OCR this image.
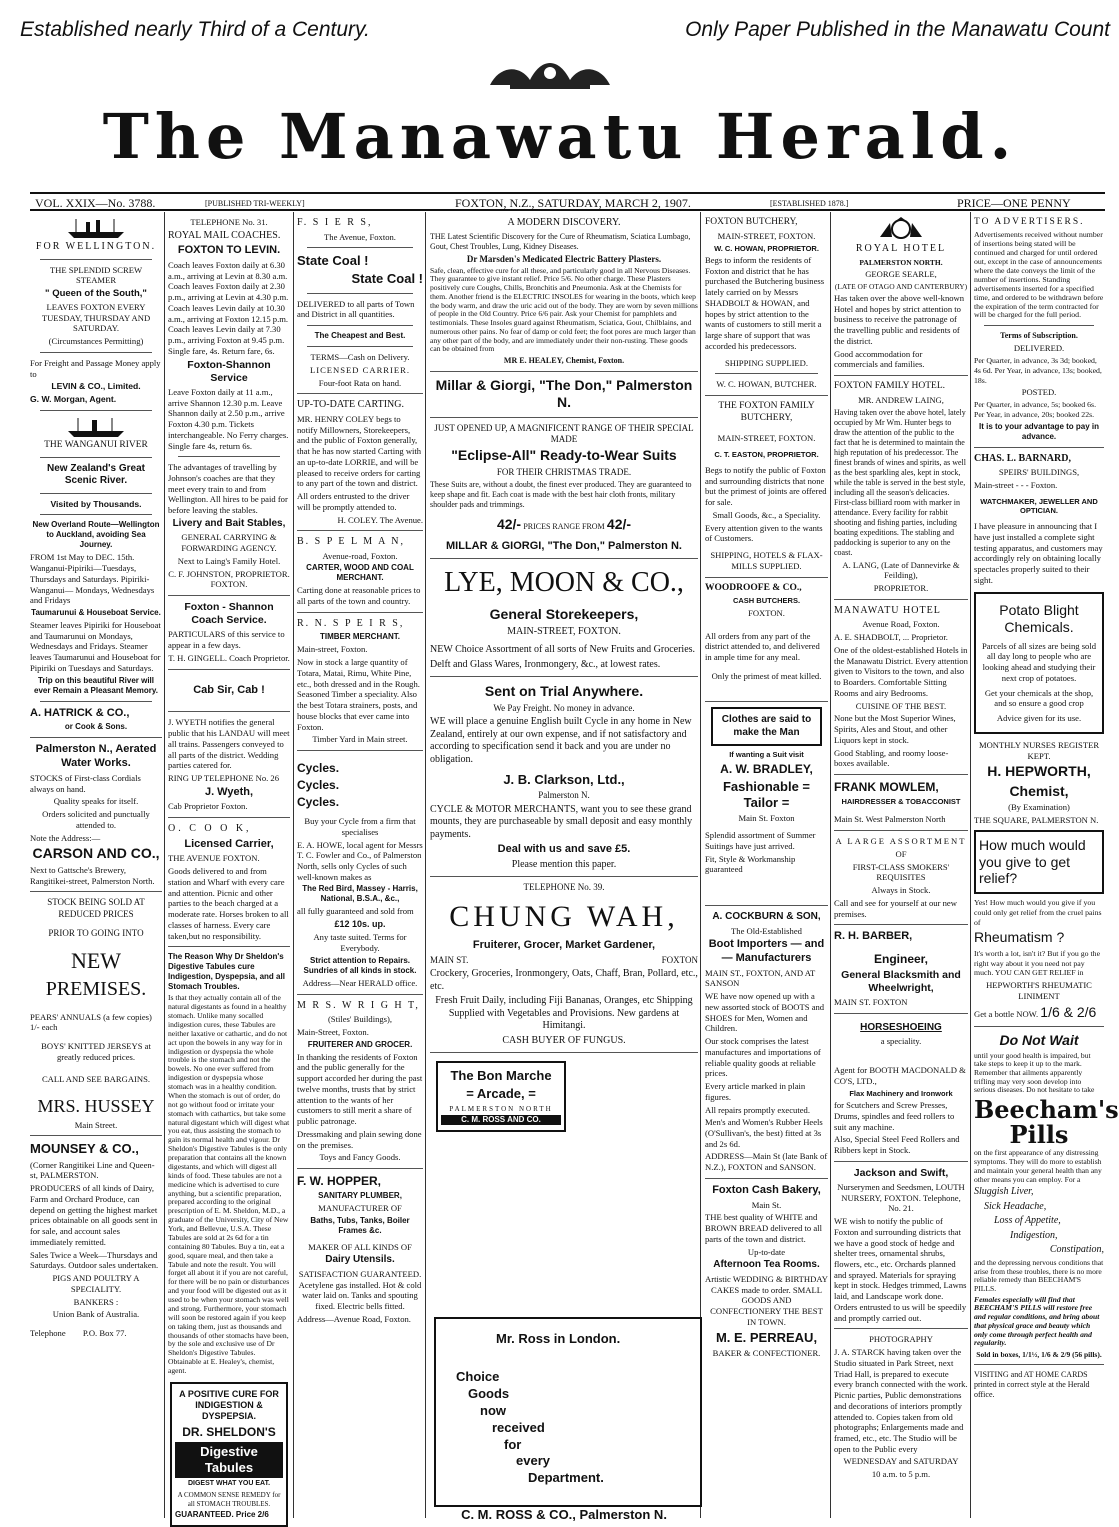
Established nearly Third of a Century.	Only Paper Published in the Manawatu Count
The Manawatu Herald.
VOL. XXIX—No. 3788.	[PUBLISHED TRI-WEEKLY]	FOXTON, N.Z., SATURDAY, MARCH 2, 1907.	[ESTABLISHED 1878.]	PRICE—ONE PENNY

FOR WELLINGTON.

THE SPLENDID SCREW STEAMER

" Queen of the South,"

LEAVES FOXTON EVERY TUESDAY, THURSDAY AND SATURDAY.

(Circumstances Permitting)

For Freight and Passage Money apply to

LEVIN & CO., Limited.

G. W. Morgan, Agent.

THE WANGANUI RIVER

New Zealand's Great Scenic River.

Visited by Thousands.

New Overland Route—Wellington to Auckland, avoiding Sea Journey.

FROM 1st May to DEC. 15th. Wanganui-Pipiriki—Tuesdays, Thursdays and Saturdays. Pipiriki-Wanganui— Mondays, Wednesdays and Fridays

Taumarunui & Houseboat Service.

Steamer leaves Pipiriki for Houseboat and Taumarunui on Mondays, Wednesdays and Fridays. Steamer leaves Taumarunui and Houseboat for Pipiriki on Tuesdays and Saturdays.

Trip on this beautiful River will ever Remain a Pleasant Memory.

A. HATRICK & CO.,

or Cook & Sons.

Palmerston N., Aerated Water Works.

STOCKS of First-class Cordials always on hand.

Quality speaks for itself.

Orders solicited and punctually attended to.

Note the Address:—

CARSON AND CO.,

Next to Gattsche's Brewery, Rangitikei-street, Palmerston North.

STOCK BEING SOLD AT REDUCED PRICES

PRIOR TO GOING INTO

NEW

PREMISES.

PEARS' ANNUALS (a few copies) 1/- each

BOYS' KNITTED JERSEYS at greatly reduced prices.

CALL AND SEE BARGAINS.

MRS. HUSSEY

Main Street.

MOUNSEY & CO.,

(Corner Rangitikei Line and Queen-st, PALMERSTON.

PRODUCERS of all kinds of Dairy, Farm and Orchard Produce, can depend on getting the highest market prices obtainable on all goods sent in for sale, and account sales immediately remitted.

Sales Twice a Week—Thursdays and Saturdays. Outdoor sales undertaken.

PIGS AND POULTRY A SPECIALITY.

BANKERS :

Union Bank of Australia.

Telephone P.O. Box 77.

TELEPHONE No. 31.

ROYAL MAIL COACHES.

FOXTON TO LEVIN.

Coach leaves Foxton daily at 6.30 a.m., arriving at Levin at 8.30 a.m. Coach leaves Foxton daily at 2.30 p.m., arriving at Levin at 4.30 p.m. Coach leaves Levin daily at 10.30 a.m., arriving at Foxton 12.15 p.m. Coach leaves Levin daily at 7.30 p.m., arriving Foxton at 9.45 p.m. Single fare, 4s. Return fare, 6s.

Foxton-Shannon Service

Leave Foxton daily at 11 a.m., arrive Shannon 12.30 p.m. Leave Shannon daily at 2.50 p.m., arrive Foxton 4.30 p.m. Tickets interchangeable. No Ferry charges. Single fare 4s, return 6s.

The advantages of travelling by Johnson's coaches are that they meet every train to and from Wellington. All hires to be paid for before leaving the stables.

Livery and Bait Stables,

GENERAL CARRYING & FORWARDING AGENCY.

Next to Laing's Family Hotel.

C. F. JOHNSTON, PROPRIETOR. FOXTON.

Foxton - Shannon Coach Service.

PARTICULARS of this service to appear in a few days.

T. H. GINGELL. Coach Proprietor.

Cab Sir, Cab !

J. WYETH notifies the general public that his LANDAU will meet all trains. Passengers conveyed to all parts of the district. Wedding parties catered for.

RING UP TELEPHONE No. 26

J. Wyeth,

Cab Proprietor Foxton.

O. C O O K,

Licensed Carrier,

THE AVENUE FOXTON.

Goods delivered to and from station and Wharf with every care and attention. Picnic and other parties to the beach charged at a moderate rate. Horses broken to all classes of harness. Every care taken,but no responsibility.

The Reason Why Dr Sheldon's Digestive Tabules cure Indigestion, Dyspepsia, and all Stomach Troubles.

Is that they actually contain all of the natural digestants as found in a healthy stomach. Unlike many socalled indigestion cures, these Tabules are neither laxative or cathartic, and do not act upon the bowels in any way for in indigestion or dyspepsia the whole trouble is the stomach and not the bowels. No one ever suffered from indigestion or dyspepsia whose stomach was in a healthy condition. When the stomach is out of order, do not go without food or irritate your stomach with cathartics, but take some natural digestant which will digest what you eat, thus assisting the stomach to gain its normal health and vigour. Dr Sheldon's Digestive Tabules is the only preparation that contains all the known digestants, and which will digest all kinds of food. These tabules are not a medicine which is advertised to cure anything, but a scientific preparation, prepared according to the original prescription of E. M. Sheldon, M.D., a graduate of the University, City of New York, and Bellevue, U.S.A. These Tabules are sold at 2s 6d for a tin containing 80 Tabules. Buy a tin, eat a good, square meal, and then take a Tabule and note the result. You will forget all about it if you are not careful, for there will be no pain or disturbances and your food will be digested out as it used to be when your stomach was well and strong. Furthermore, your stomach will soon be restored again if you keep on taking them, just as thousands and thousands of other stomachs have been, by the sole and exclusive use of Dr Sheldon's Digestive Tabules. Obtainable at E. Healey's, chemist, agent.

A POSITIVE CURE FOR INDIGESTION & DYSPEPSIA.

DR. SHELDON'S

Digestive Tabules

DIGEST WHAT YOU EAT.

A COMMON SENSE REMEDY for all STOMACH TROUBLES.

GUARANTEED. Price 2/6

F. S I E R S,

The Avenue, Foxton.

State Coal !

State Coal !

DELIVERED to all parts of Town and District in all quantities.

The Cheapest and Best.

TERMS—Cash on Delivery.

LICENSED CARRIER.

Four-foot Rata on hand.

UP-TO-DATE CARTING.

MR. HENRY COLEY begs to notify Millowners, Storekeepers, and the public of Foxton generally, that he has now started Carting with an up-to-date LORRIE, and will be pleased to receive orders for carting to any part of the town and district.

All orders entrusted to the driver will be promptly attended to.

H. COLEY. The Avenue.

B. S P E L M A N,

Avenue-road, Foxton.

CARTER, WOOD AND COAL MERCHANT.

Carting done at reasonable prices to all parts of the town and country.

R. N. S P E I R S,

TIMBER MERCHANT.

Main-street, Foxton.

Now in stock a large quantity of Totara, Matai, Rimu, White Pine, etc., both dressed and in the Rough. Seasoned Timber a speciality. Also the best Totara strainers, posts, and house blocks that ever came into Foxton.

Timber Yard in Main street.

Cycles.

Cycles.

Cycles.

Buy your Cycle from a firm that specialises

E. A. HOWE, local agent for Messrs T. C. Fowler and Co., of Palmerston North, sells only Cycles of such well-known makes as

The Red Bird, Massey - Harris, National, B.S.A., &c.,

all fully guaranteed and sold from

£12 10s. up.

Any taste suited. Terms for Everybody.

Strict attention to Repairs. Sundries of all kinds in stock.

Address—Near HERALD office.

M R S. W R I G H T,

(Stiles' Buildings),

Main-Street, Foxton.

FRUITERER AND GROCER.

In thanking the residents of Foxton and the public generally for the support accorded her during the past twelve months, trusts that by strict attention to the wants of her customers to still merit a share of public patronage.

Dressmaking and plain sewing done on the premises.

Toys and Fancy Goods.

F. W. HOPPER,

SANITARY PLUMBER,

MANUFACTURER OF

Baths, Tubs, Tanks, Boiler Frames &c.

MAKER OF ALL KINDS OF

Dairy Utensils.

SATISFACTION GUARANTEED. Acetylene gas installed. Hot & cold water laid on. Tanks and spouting fixed. Electric bells fitted.

Address—Avenue Road, Foxton.

A MODERN DISCOVERY.

THE Latest Scientific Discovery for the Cure of Rheumatism, Sciatica Lumbago, Gout, Chest Troubles, Lung, Kidney Diseases.

Dr Marsden's Medicated Electric Battery Plasters.

Safe, clean, effective cure for all these, and particularly good in all Nervous Diseases. They guarantee to give instant relief. Price 5/6. No other charge. These Plasters positively cure Coughs, Chills, Bronchitis and Pneumonia. Ask at the Chemists for them. Another friend is the ELECTRIC INSOLES for wearing in the boots, which keep the body warm, and draw the uric acid out of the body. They are worn by seven millions of people in the Old Country. Price 6/6 pair. Ask your Chemist for pamphlets and testimonials. These Insoles guard against Rheumatism, Sciatica, Gout, Chilblains, and numerous other pains. No fear of damp or cold feet; the foot pores are much larger than any other part of the body, and are immediately under their non-rusting. These goods can be obtained from

MR E. HEALEY, Chemist, Foxton.

Millar & Giorgi, "The Don," Palmerston N.

JUST OPENED UP, A MAGNIFICENT RANGE OF THEIR SPECIAL MADE

"Eclipse-All" Ready-to-Wear Suits

FOR THEIR CHRISTMAS TRADE.

These Suits are, without a doubt, the finest ever produced. They are guaranteed to keep shape and fit. Each coat is made with the best hair cloth fronts, military shoulder pads and trimmings.

42/- PRICES RANGE FROM 42/-

MILLAR & GIORGI, "The Don," Palmerston N.

LYE, MOON & CO.,

General Storekeepers,

MAIN-STREET, FOXTON.

NEW Choice Assortment of all sorts of New Fruits and Groceries.

Delft and Glass Wares, Ironmongery, &c., at lowest rates.

Sent on Trial Anywhere.

We Pay Freight. No money in advance.

WE will place a genuine English built Cycle in any home in New Zealand, entirely at our own expense, and if not satisfactory and according to specification send it back and you are under no obligation.

J. B. Clarkson, Ltd.,

Palmerston N.

CYCLE & MOTOR MERCHANTS, want you to see these grand mounts, they are purchaseable by small deposit and easy monthly payments.

Deal with us and save £5.

Please mention this paper.

TELEPHONE No. 39.

CHUNG WAH,

Fruiterer, Grocer, Market Gardener,

MAIN ST.	FOXTON

Crockery, Groceries, Ironmongery, Oats, Chaff, Bran, Pollard, etc., etc.

Fresh Fruit Daily, including Fiji Bananas, Oranges, etc Shipping Supplied with Vegetables and Provisions. New gardens at Himitangi.

CASH BUYER OF FUNGUS.

The Bon Marche

= Arcade, =

PALMERSTON NORTH

C. M. ROSS AND CO.

Mr. Ross in London.

Choice
Goods
now
received
for
every
Department.

C. M. ROSS & CO., Palmerston N.

FOXTON BUTCHERY,

MAIN-STREET, FOXTON.

W. C. HOWAN, PROPRIETOR.

Begs to inform the residents of Foxton and district that he has purchased the Butchering business lately carried on by Messrs SHADBOLT & HOWAN, and hopes by strict attention to the wants of customers to still merit a large share of support that was accorded his predecessors.

SHIPPING SUPPLIED.

W. C. HOWAN, BUTCHER.

THE FOXTON FAMILY BUTCHERY,

MAIN-STREET, FOXTON.

C. T. EASTON, PROPRIETOR.

Begs to notify the public of Foxton and surrounding districts that none but the primest of joints are offered for sale.

Small Goods, &c., a Speciality.

Every attention given to the wants of Customers.

SHIPPING, HOTELS & FLAX-MILLS SUPPLIED.

WOODROOFE & CO.,

CASH BUTCHERS.

FOXTON.

All orders from any part of the district attended to, and delivered in ample time for any meal.

Only the primest of meat killed.

Clothes are said to make the Man

If wanting a Suit visit

A. W. BRADLEY,

Fashionable = Tailor =

Main St. Foxton

Splendid assortment of Summer Suitings have just arrived.

Fit, Style & Workmanship guaranteed

A. COCKBURN & SON,

The Old-Established

Boot Importers — and — Manufacturers

MAIN ST., FOXTON, AND AT SANSON

WE have now opened up with a new assorted stock of BOOTS and SHOES for Men, Women and Children.

Our stock comprises the latest manufactures and importations of reliable quality goods at reliable prices.

Every article marked in plain figures.

All repairs promptly executed.

Men's and Women's Rubber Heels (O'Sullivan's, the best) fitted at 3s and 2s 6d.

ADDRESS—Main St (late Bank of N.Z.), FOXTON and SANSON.

Foxton Cash Bakery,

Main St.

THE best quality of WHITE and BROWN BREAD delivered to all parts of the town and district.

Up-to-date

Afternoon Tea Rooms.

Artistic WEDDING & BIRTHDAY CAKES made to order. SMALL GOODS AND CONFECTIONERY THE BEST IN TOWN.

M. E. PERREAU,

BAKER & CONFECTIONER.

ROYAL HOTEL

PALMERSTON NORTH.

GEORGE SEARLE,

(LATE OF OTAGO AND CANTERBURY)

Has taken over the above well-known Hotel and hopes by strict attention to business to receive the patronage of the travelling public and residents of the district.

Good accommodation for commercials and families.

FOXTON FAMILY HOTEL.

MR. ANDREW LAING,

Having taken over the above hotel, lately occupied by Mr Wm. Hunter begs to draw the attention of the public to the fact that he is determined to maintain the high reputation of his predecessor. The finest brands of wines and spirits, as well as the best sparkling ales, kept in stock, while the table is served in the best style, including all the season's delicacies. First-class billiard room with marker in attendance. Every facility for rabbit shooting and fishing parties, including boating expeditions. The stabling and paddocking is superior to any on the coast.

A. LANG, (Late of Dannevirke & Feilding),

PROPRIETOR.

MANAWATU HOTEL

Avenue Road, Foxton.

A. E. SHADBOLT, ... Proprietor.

One of the oldest-established Hotels in the Manawatu District. Every attention given to Visitors to the town, and also to Boarders. Comfortable Sitting Rooms and airy Bedrooms.

CUISINE OF THE BEST.

None but the Most Superior Wines, Spirits, Ales and Stout, and other Liquors kept in stock.

Good Stabling, and roomy loose-boxes available.

FRANK MOWLEM,

HAIRDRESSER & TOBACCONIST

Main St. West Palmerston North

A LARGE ASSORTMENT

OF

FIRST-CLASS SMOKERS' REQUISITES

Always in Stock.

Call and see for yourself at our new premises.

R. H. BARBER,

Engineer,

General Blacksmith and Wheelwright,

MAIN ST. FOXTON

HORSESHOEING

a speciality.

Agent for BOOTH MACDONALD & CO'S, LTD.,

Flax Machinery and Ironwork

for Scutchers and Screw Presses, Drums, spindles and feed rollers to suit any machine.

Also, Special Steel Feed Rollers and Ribbers kept in Stock.

Jackson and Swift,

Nurserymen and Seedsmen, LOUTH NURSERY, FOXTON. Telephone, No. 21.

WE wish to notify the public of Foxton and surrounding districts that we have a good stock of hedge and shelter trees, ornamental shrubs, flowers, etc., etc. Orchards planned and sprayed. Materials for spraying kept in stock. Hedges trimmed, Lawns laid, and Landscape work done. Orders entrusted to us will be speedily and promptly carried out.

PHOTOGRAPHY

J. A. STARCK having taken over the Studio situated in Park Street, next Triad Hall, is prepared to execute every branch connected with the work. Picnic parties, Public demonstrations and decorations of interiors promptly attended to. Copies taken from old photographs; Enlargements made and framed, etc., etc. The Studio will be open to the Public every

WEDNESDAY and SATURDAY

10 a.m. to 5 p.m.

TO ADVERTISERS.

Advertisements received without number of insertions being stated will be continued and charged for until ordered out, except in the case of announcements where the date conveys the limit of the number of insertions. Standing advertisements inserted for a specified time, and ordered to be withdrawn before the expiration of the term contracted for will be charged for the full period.

Terms of Subscription.

DELIVERED.

Per Quarter, in advance, 3s 3d; booked, 4s 6d. Per Year, in advance, 13s; booked, 18s.

POSTED.

Per Quarter, in advance, 5s; booked 6s. Per Year, in advance, 20s; booked 22s.

It is to your advantage to pay in advance.

CHAS. L. BARNARD,

SPEIRS' BUILDINGS,

Main-street - - - Foxton.

WATCHMAKER, JEWELLER AND OPTICIAN.

I have pleasure in announcing that I have just installed a complete sight testing apparatus, and customers may accordingly rely on obtaining locally spectacles properly suited to their sight.

Potato Blight Chemicals.

Parcels of all sizes are being sold all day long to people who are looking ahead and studying their next crop of potatoes.

Get your chemicals at the shop, and so ensure a good crop

Advice given for its use.

MONTHLY NURSES REGISTER KEPT.

H. HEPWORTH,

Chemist,

(By Examination)

THE SQUARE, PALMERSTON N.

How much would you give to get relief?

Yes! How much would you give if you could only get relief from the cruel pains of

Rheumatism ?

It's worth a lot, isn't it? But if you go the right way about it you need not pay much. YOU CAN GET RELIEF in

HEPWORTH'S RHEUMATIC LINIMENT

Get a bottle NOW. 1/6 & 2/6

Do Not Wait

until your good health is impaired, but take steps to keep it up to the mark. Remember that ailments apparently trifling may very soon develop into serious diseases. Do not hesitate to take

Beecham's Pills

on the first appearance of any distressing symptoms. They will do more to establish and maintain your general health than any other means you can employ. For a

Sluggish Liver,

Sick Headache,

Loss of Appetite,

Indigestion,

Constipation,

and the depressing nervous conditions that arise from these troubles, there is no more reliable remedy than BEECHAM'S PILLS.

Females especially will find that BEECHAM'S PILLS will restore free and regular conditions, and bring about that physical grace and beauty which only come through perfect health and regularity.

Sold in boxes, 1/1½, 1/6 & 2/9 (56 pills).

VISITING and AT HOME CARDS printed in correct style at the Herald office.
